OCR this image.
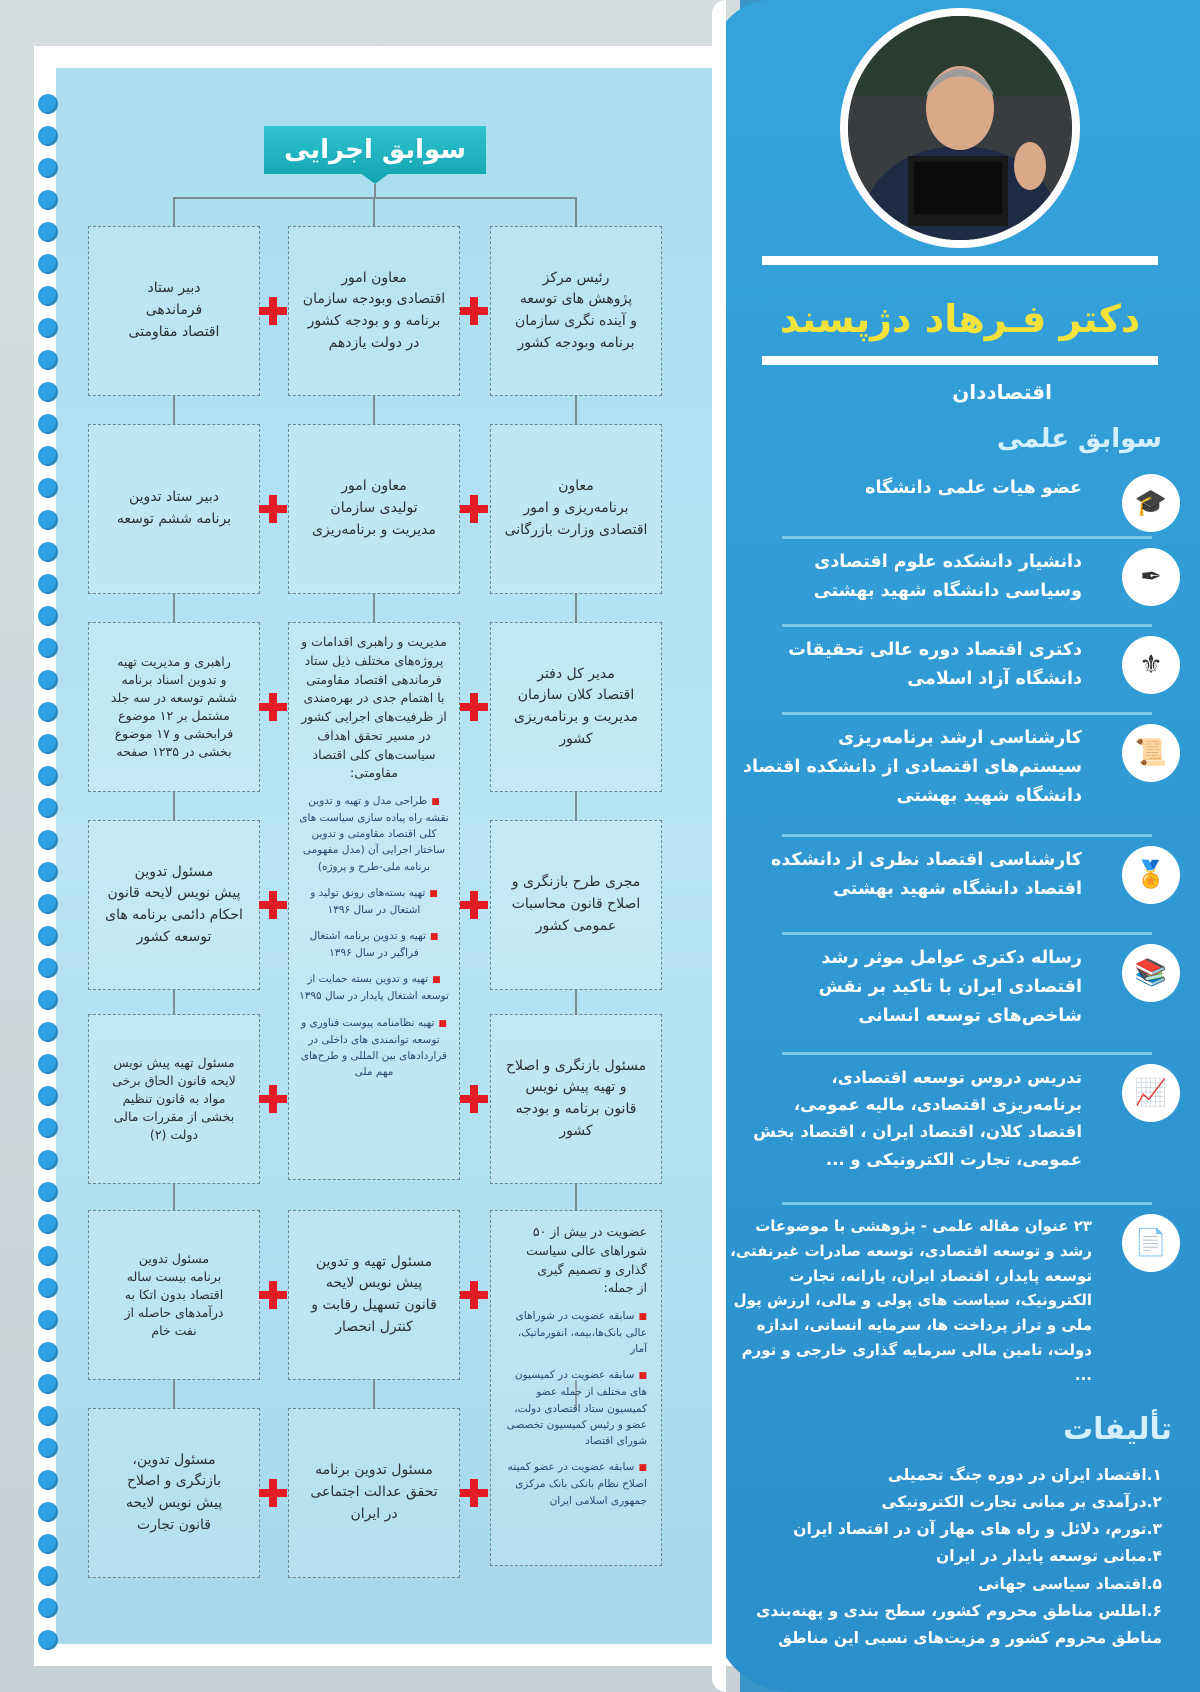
سوابق اجرایی
رئیس مرکز
پژوهش های توسعه
و آینده نگری سازمان
برنامه وبودجه کشور
معاون امور
اقتصادی وبودجه سازمان
برنامه و و بودجه کشور
در دولت یازدهم
دبیر ستاد
فرماندهی
اقتصاد مقاومتی
معاون
برنامه‌ریزی و امور
اقتصادی وزارت بازرگانی
معاون امور
تولیدی سازمان
مدیریت و برنامه‌ریزی
دبیر ستاد تدوین
برنامه ششم توسعه
مدیر کل دفتر
اقتصاد کلان سازمان
مدیریت و برنامه‌ریزی
کشور
راهبری و مدیریت تهیه
و تدوین اسناد برنامه
ششم توسعه در سه جلد
مشتمل بر ۱۲ موضوع
فرابخشی و ۱۷ موضوع
بخشی در ۱۲۳۵ صفحه
مجری طرح بازنگری و
اصلاح قانون محاسبات
عمومی کشور
مسئول تدوین
پیش نویس لایحه قانون
احکام دائمی برنامه های
توسعه کشور
مسئول بازنگری و اصلاح
و تهیه پیش نویس
قانون برنامه و بودجه
کشور
مسئول تهیه پیش نویس
لایحه قانون الحاق برخی
مواد به قانون تنظیم
بخشی از مقررات مالی
دولت (۲)
مسئول تهیه و تدوین
پیش نویس لایحه
قانون تسهیل رقابت و
کنترل انحصار
مسئول تدوین
برنامه بیست ساله
اقتصاد بدون اتکا به
درآمدهای حاصله از
نفت خام
مسئول تدوین برنامه
تحقق عدالت اجتماعی
در ایران
مسئول تدوین،
بازنگری و اصلاح
پیش نویس لایحه
قانون تجارت
مدیریت و راهبری اقدامات و
پروژه‌های مختلف ذیل ستاد
فرماندهی اقتصاد مقاومتی
با اهتمام جدی در بهره‌مندی
از ظرفیت‌های اجرایی کشور
در مسیر تحقق اهداف
سیاست‌های کلی اقتصاد
مقاومتی:
■ طراحی مدل و تهیه و تدوین نقشه راه پیاده سازی سیاست های کلی اقتصاد مقاومتی و تدوین ساختار اجرایی آن (مدل مفهومی برنامه ملی-طرح و پروژه)
■ تهیه بسته‌های رونق تولید و اشتغال در سال ۱۳۹۶
■ تهیه و تدوین برنامه اشتغال فراگیر در سال ۱۳۹۶
■ تهیه و تدوین بسته حمایت از توسعه اشتغال پایدار در سال ۱۳۹۵
■ تهیه نظامنامه پیوست فناوری و توسعه توانمندی های داخلی در قراردادهای بین المللی و طرح‌های مهم ملی
عضویت در بیش از ۵۰
شوراهای عالی سیاست
گذاری و تصمیم گیری
از جمله:
■ سابقه عضویت در شوراهای عالی بانک‌ها،بیمه، انفورماتیک، آمار
■ سابقه عضویت در کمیسیون های مختلف از جمله عضو کمیسیون ستاد اقتصادی دولت، عضو و رئیس کمیسیون تخصصی شورای اقتصاد
■ سابقه عضویت در عضو کمیته اصلاح نظام بانکی بانک مرکزی جمهوری اسلامی ایران
دکتر فـرهاد دژپسند
اقتصاددان
سوابق علمی
عضو هیات علمی دانشگاه	🎓
دانشیار دانشکده علوم اقتصادی وسیاسی دانشگاه شهید بهشتی	✒
دکتری اقتصاد دوره عالی تحقیقات دانشگاه آزاد اسلامی	⚜
کارشناسی ارشد برنامه‌ریزی سیستم‌های اقتصادی از دانشکده اقتصاد دانشگاه شهید بهشتی
📜
کارشناسی اقتصاد نظری از دانشکده اقتصاد دانشگاه شهید بهشتی	🏅
رساله دکتری عوامل موثر رشد اقتصادی ایران با تاکید بر نقش شاخص‌های توسعه انسانی
📚
تدریس دروس توسعه اقتصادی، برنامه‌ریزی اقتصادی، مالیه عمومی، اقتصاد کلان، اقتصاد ایران ، اقتصاد بخش عمومی، تجارت الکترونیکی و ...
📈
۲۳ عنوان مقاله علمی - پژوهشی با موضوعات رشد و توسعه اقتصادی، توسعه صادرات غیرنفتی، توسعه پایدار، اقتصاد ایران، یارانه، تجارت الکترونیک، سیاست های پولی و مالی، ارزش پول ملی و تراز پرداخت ها، سرمایه انسانی، اندازه دولت، تامین مالی سرمایه گذاری خارجی و تورم ...
📄
تألیفات
۱.اقتصاد ایران در دوره جنگ تحمیلی
۲.درآمدی بر مبانی تجارت الکترونیکی
۳.تورم، دلائل و راه های مهار آن در اقتصاد ایران
۴.مبانی توسعه پایدار در ایران
۵.اقتصاد سیاسی جهانی
۶.اطلس مناطق محروم کشور، سطح بندی و پهنه‌بندی مناطق محروم کشور و مزیت‌های نسبی این مناطق
